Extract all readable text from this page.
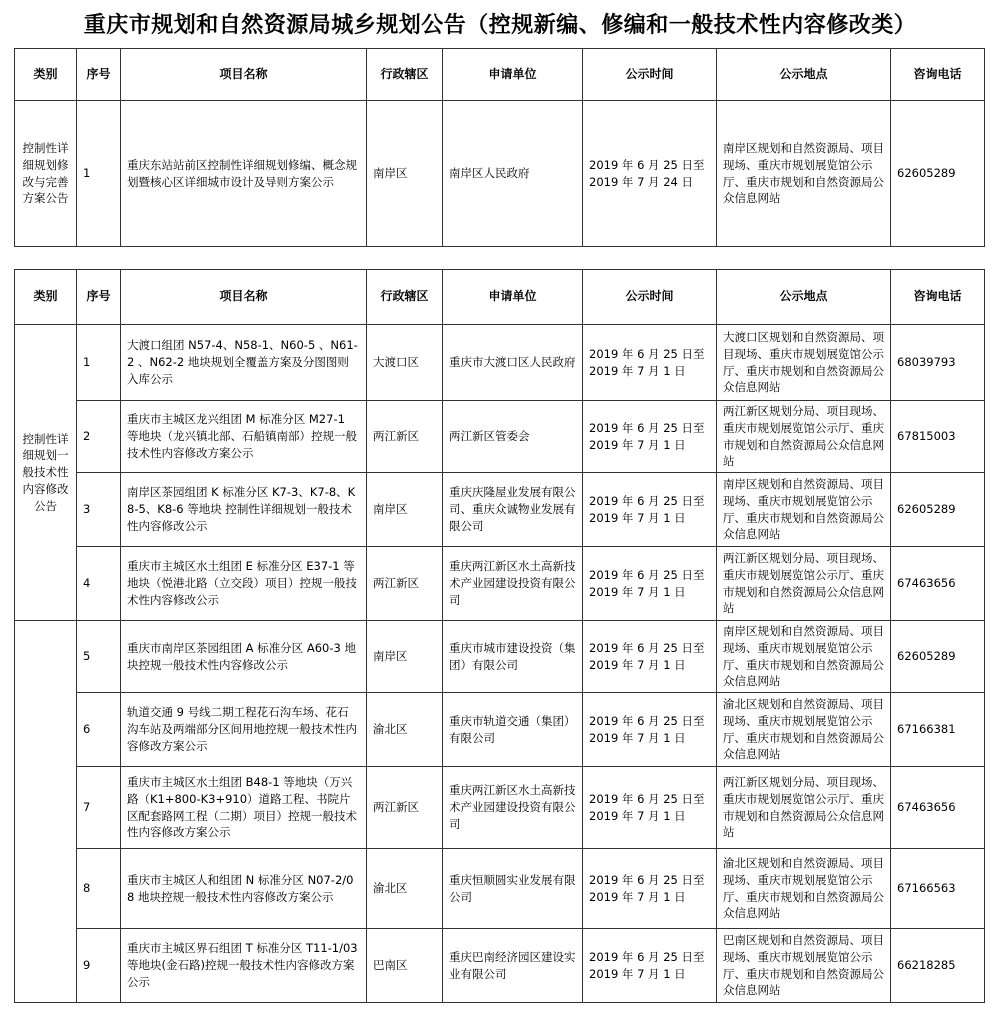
重庆市规划和自然资源局城乡规划公告（控规新编、修编和一般技术性内容修改类）
类别	序号	项目名称	行政辖区	申请单位	公示时间	公示地点	咨询电话
控制性详细规划修改与完善方案公告	1	重庆东站站前区控制性详细规划修编、概念规划暨核心区详细城市设计及导则方案公示	南岸区	南岸区人民政府	2019 年 6 月 25 日至 2019 年 7 月 24 日	南岸区规划和自然资源局、项目现场、重庆市规划展览馆公示厅、重庆市规划和自然资源局公众信息网站	62605289
类别	序号	项目名称	行政辖区	申请单位	公示时间	公示地点	咨询电话
控制性详细规划一般技术性内容修改公告	1	大渡口组团 N57-4、N58-1、N60-5 、N61-2 、N62-2 地块规划全覆盖方案及分图图则入库公示	大渡口区	重庆市大渡口区人民政府	2019 年 6 月 25 日至 2019 年 7 月 1 日	大渡口区规划和自然资源局、项目现场、重庆市规划展览馆公示厅、重庆市规划和自然资源局公众信息网站	68039793
	2	重庆市主城区龙兴组团 M 标准分区 M27-1 等地块（龙兴镇北部、石船镇南部）控规一般技术性内容修改方案公示	两江新区	两江新区管委会	2019 年 6 月 25 日至 2019 年 7 月 1 日	两江新区规划分局、项目现场、重庆市规划展览馆公示厅、重庆市规划和自然资源局公众信息网站	67815003
	3	南岸区茶园组团 K 标准分区 K7-3、K7-8、K8-5、K8-6 等地块 控制性详细规划一般技术性内容修改公示	南岸区	重庆庆隆屋业发展有限公司、重庆众诚物业发展有限公司	2019 年 6 月 25 日至 2019 年 7 月 1 日	南岸区规划和自然资源局、项目现场、重庆市规划展览馆公示厅、重庆市规划和自然资源局公众信息网站	62605289
	4	重庆市主城区水土组团 E 标准分区 E37-1 等地块（悦港北路（立交段）项目）控规一般技术性内容修改公示	两江新区	重庆两江新区水土高新技术产业园建设投资有限公司	2019 年 6 月 25 日至 2019 年 7 月 1 日	两江新区规划分局、项目现场、重庆市规划展览馆公示厅、重庆市规划和自然资源局公众信息网站	67463656
	5	重庆市南岸区茶园组团 A 标准分区 A60-3 地块控规一般技术性内容修改公示	南岸区	重庆市城市建设投资（集团）有限公司	2019 年 6 月 25 日至 2019 年 7 月 1 日	南岸区规划和自然资源局、项目现场、重庆市规划展览馆公示厅、重庆市规划和自然资源局公众信息网站	62605289
	6	轨道交通 9 号线二期工程花石沟车场、花石沟车站及两端部分区间用地控规一般技术性内容修改方案公示	渝北区	重庆市轨道交通（集团）有限公司	2019 年 6 月 25 日至 2019 年 7 月 1 日	渝北区规划和自然资源局、项目现场、重庆市规划展览馆公示厅、重庆市规划和自然资源局公众信息网站	67166381
	7	重庆市主城区水土组团 B48-1 等地块（万兴路（K1+800-K3+910）道路工程、书院片区配套路网工程（二期）项目）控规一般技术性内容修改方案公示	两江新区	重庆两江新区水土高新技术产业园建设投资有限公司	2019 年 6 月 25 日至 2019 年 7 月 1 日	两江新区规划分局、项目现场、重庆市规划展览馆公示厅、重庆市规划和自然资源局公众信息网站	67463656
	8	重庆市主城区人和组团 N 标准分区 N07-2/08 地块控规一般技术性内容修改方案公示	渝北区	重庆恒顺圆实业发展有限公司	2019 年 6 月 25 日至 2019 年 7 月 1 日	渝北区规划和自然资源局、项目现场、重庆市规划展览馆公示厅、重庆市规划和自然资源局公众信息网站	67166563
	9	重庆市主城区界石组团 T 标准分区 T11-1/03 等地块(金石路)控规一般技术性内容修改方案公示	巴南区	重庆巴南经济园区建设实业有限公司	2019 年 6 月 25 日至 2019 年 7 月 1 日	巴南区规划和自然资源局、项目现场、重庆市规划展览馆公示厅、重庆市规划和自然资源局公众信息网站	66218285
